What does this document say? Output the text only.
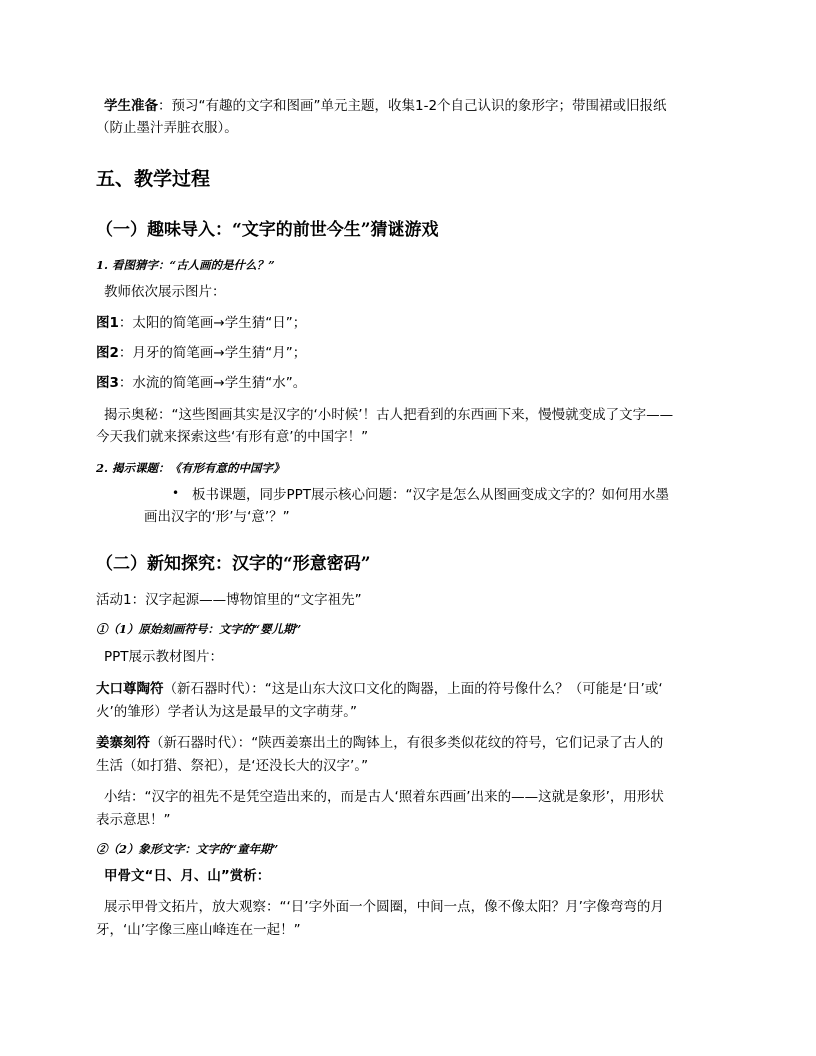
学生准备：预习“有趣的文字和图画”单元主题，收集1-2个自己认识的象形字；带围裙或旧报纸
（防止墨汁弄脏衣服）。
五、教学过程
（一）趣味导入：“文字的前世今生”猜谜游戏
1. 看图猜字：“古人画的是什么？”
教师依次展示图片：
图1：太阳的简笔画→学生猜“日”；
图2：月牙的简笔画→学生猜“月”；
图3：水流的简笔画→学生猜“水”。
揭示奥秘：“这些图画其实是汉字的‘小时候’！古人把看到的东西画下来，慢慢就变成了文字——
今天我们就来探索这些‘有形有意’的中国字！”
2. 揭示课题：《有形有意的中国字》
• 板书课题，同步PPT展示核心问题：“汉字是怎么从图画变成文字的？如何用水墨
画出汉字的‘形’与‘意’？”
（二）新知探究：汉字的“形意密码”
活动1：汉字起源——博物馆里的“文字祖先”
①（1）原始刻画符号：文字的“婴儿期”
PPT展示教材图片：
大口尊陶符（新石器时代）：“这是山东大汶口文化的陶器，上面的符号像什么？（可能是‘日’或‘
火’的雏形）学者认为这是最早的文字萌芽。”
姜寨刻符（新石器时代）：“陕西姜寨出土的陶钵上，有很多类似花纹的符号，它们记录了古人的
生活（如打猎、祭祀），是‘还没长大的汉字’。”
小结：“汉字的祖先不是凭空造出来的，而是古人‘照着东西画’出来的——这就是象形’，用形状
表示意思！”
②（2）象形文字：文字的“童年期”
甲骨文“日、月、山”赏析：
展示甲骨文拓片，放大观察：“‘日’字外面一个圆圈，中间一点，像不像太阳？月’字像弯弯的月
牙，‘山’字像三座山峰连在一起！”
